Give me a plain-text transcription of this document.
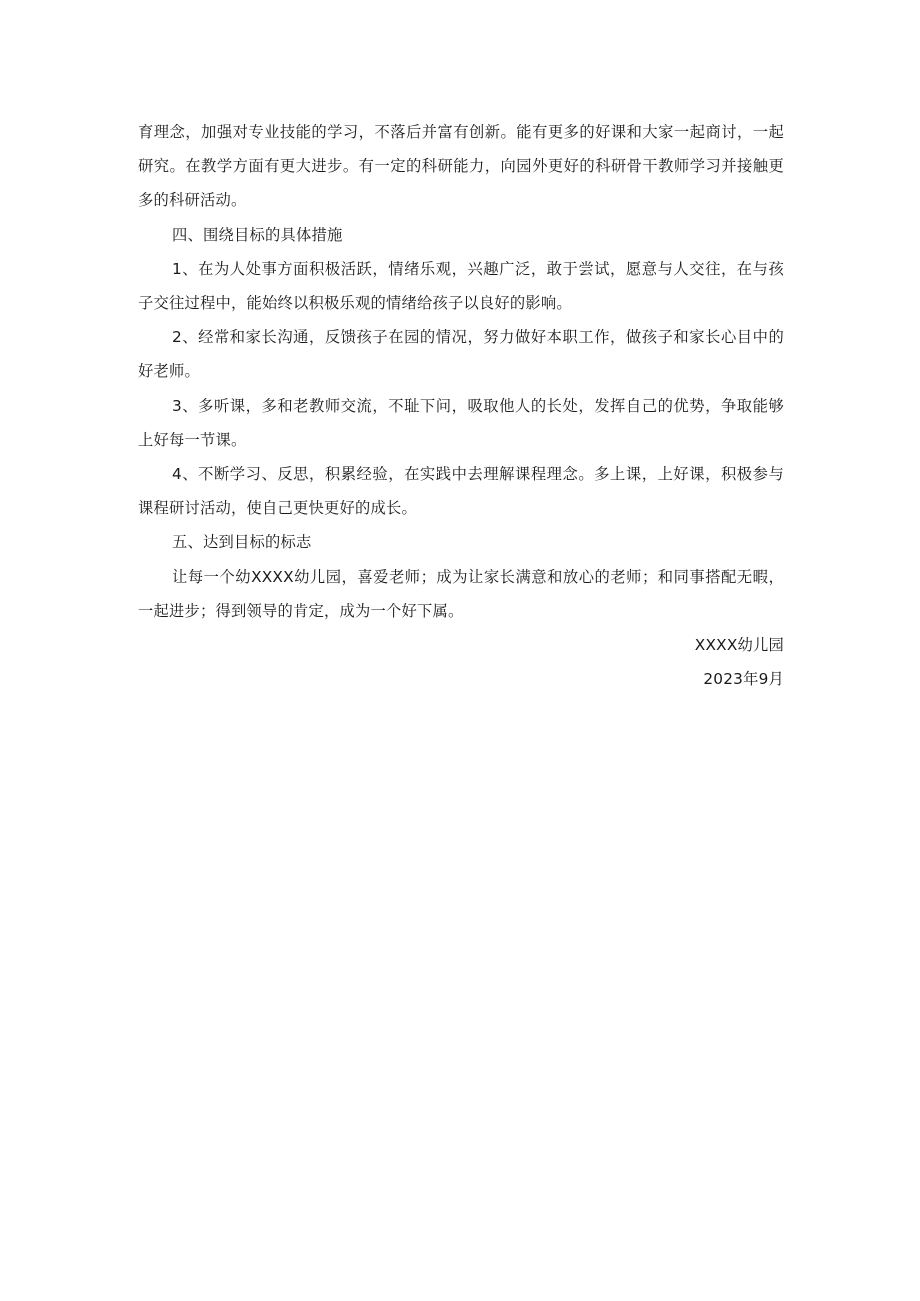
育理念，加强对专业技能的学习，不落后并富有创新。能有更多的好课和大家一起商讨，一起研究。在教学方面有更大进步。有一定的科研能力，向园外更好的科研骨干教师学习并接触更多的科研活动。

四、围绕目标的具体措施

1、在为人处事方面积极活跃，情绪乐观，兴趣广泛，敢于尝试，愿意与人交往，在与孩子交往过程中，能始终以积极乐观的情绪给孩子以良好的影响。

2、经常和家长沟通，反馈孩子在园的情况，努力做好本职工作，做孩子和家长心目中的好老师。

3、多听课，多和老教师交流，不耻下问，吸取他人的长处，发挥自己的优势，争取能够上好每一节课。

4、不断学习、反思，积累经验，在实践中去理解课程理念。多上课，上好课，积极参与课程研讨活动，使自己更快更好的成长。

五、达到目标的标志

让每一个幼XXXX幼儿园，喜爱老师；成为让家长满意和放心的老师；和同事搭配无暇，一起进步；得到领导的肯定，成为一个好下属。

XXXX幼儿园

2023年9月
